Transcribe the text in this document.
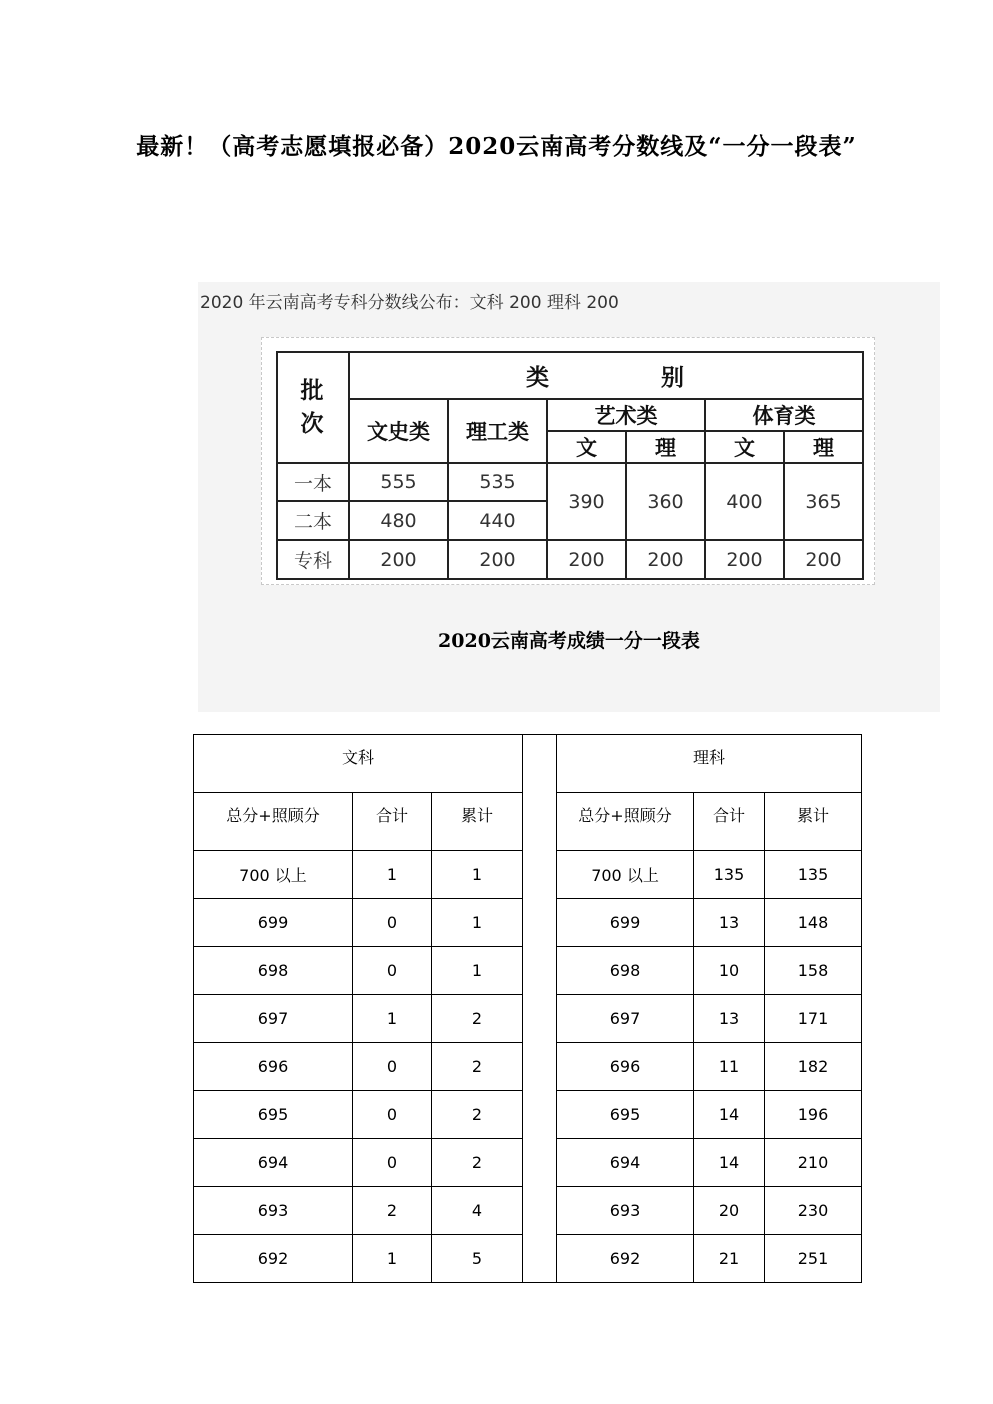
最新！（高考志愿填报必备）2020云南高考分数线及“一分一段表”
2020 年云南高考专科分数线公布：文科 200 理科 200
批
次	类 别					
	文史类	理工类	艺术类		体育类	
			文	理	文	理
一本	555	535	390	360	400	365
二本	480	440				
专科	200	200	200	200	200	200
2020云南高考成绩一分一段表
文科				理科		
总分+照顾分	合计	累计		总分+照顾分	合计	累计
700 以上	1	1		700 以上	135	135
699	0	1		699	13	148
698	0	1		698	10	158
697	1	2		697	13	171
696	0	2		696	11	182
695	0	2		695	14	196
694	0	2		694	14	210
693	2	4		693	20	230
692	1	5		692	21	251
